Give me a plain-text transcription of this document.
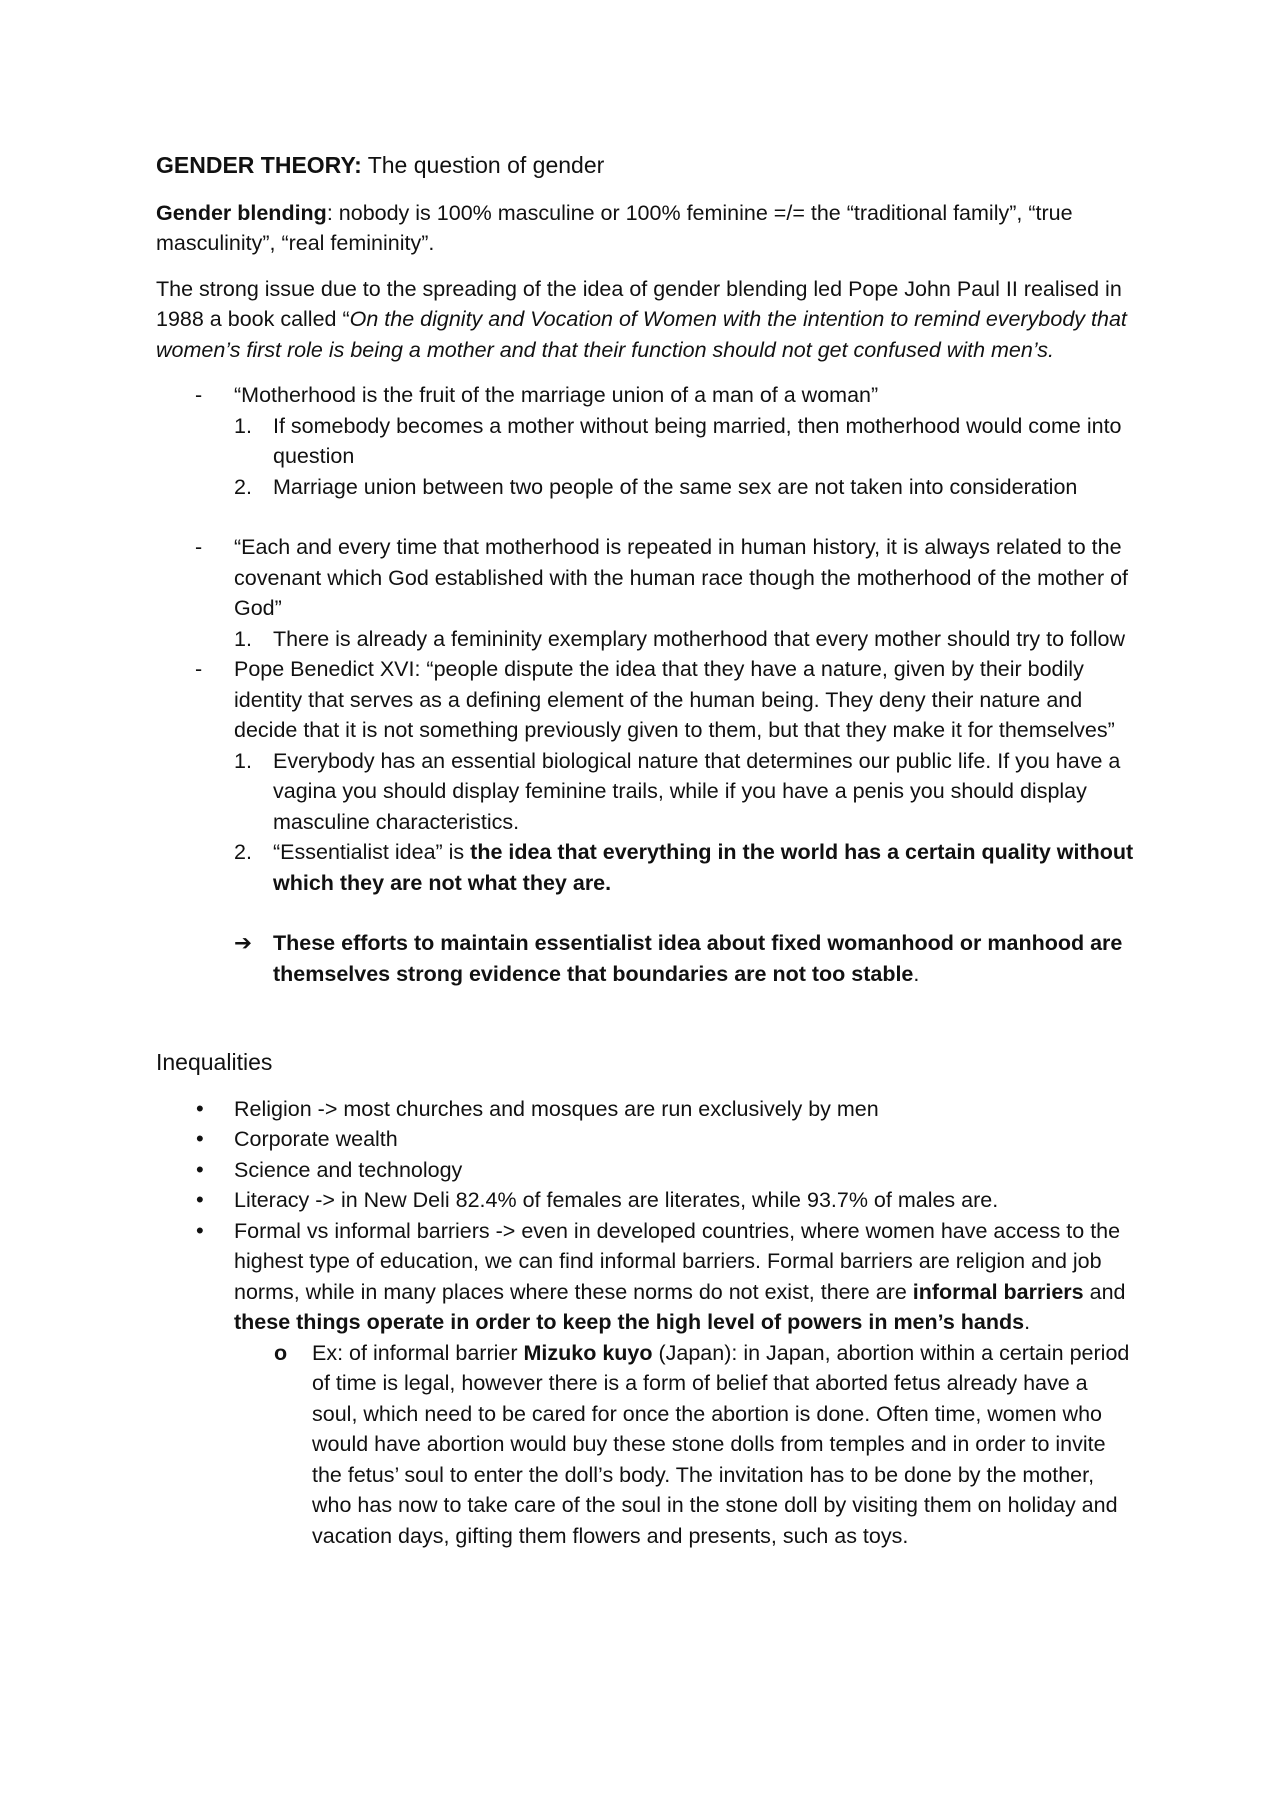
GENDER THEORY: The question of gender

Gender blending: nobody is 100% masculine or 100% feminine =/= the “traditional family”, “true masculinity”, “real femininity”.

The strong issue due to the spreading of the idea of gender blending led Pope John Paul II realised in 1988 a book called “On the dignity and Vocation of Women with the intention to remind everybody that women’s first role is being a mother and that their function should not get confused with men’s.

- “Motherhood is the fruit of the marriage union of a man of a woman”
1. If somebody becomes a mother without being married, then motherhood would come into question
2. Marriage union between two people of the same sex are not taken into consideration
- “Each and every time that motherhood is repeated in human history, it is always related to the covenant which God established with the human race though the motherhood of the mother of God”
1. There is already a femininity exemplary motherhood that every mother should try to follow
- Pope Benedict XVI: “people dispute the idea that they have a nature, given by their bodily identity that serves as a defining element of the human being. They deny their nature and decide that it is not something previously given to them, but that they make it for themselves”
1. Everybody has an essential biological nature that determines our public life. If you have a vagina you should display feminine trails, while if you have a penis you should display masculine characteristics.
2. “Essentialist idea” is the idea that everything in the world has a certain quality without which they are not what they are.
➔ These efforts to maintain essentialist idea about fixed womanhood or manhood are themselves strong evidence that boundaries are not too stable.

Inequalities

• Religion -> most churches and mosques are run exclusively by men
• Corporate wealth
• Science and technology
• Literacy -> in New Deli 82.4% of females are literates, while 93.7% of males are.
• Formal vs informal barriers -> even in developed countries, where women have access to the highest type of education, we can find informal barriers. Formal barriers are religion and job norms, while in many places where these norms do not exist, there are informal barriers and these things operate in order to keep the high level of powers in men’s hands.
o Ex: of informal barrier Mizuko kuyo (Japan): in Japan, abortion within a certain period of time is legal, however there is a form of belief that aborted fetus already have a soul, which need to be cared for once the abortion is done. Often time, women who would have abortion would buy these stone dolls from temples and in order to invite the fetus’ soul to enter the doll’s body. The invitation has to be done by the mother, who has now to take care of the soul in the stone doll by visiting them on holiday and vacation days, gifting them flowers and presents, such as toys.
